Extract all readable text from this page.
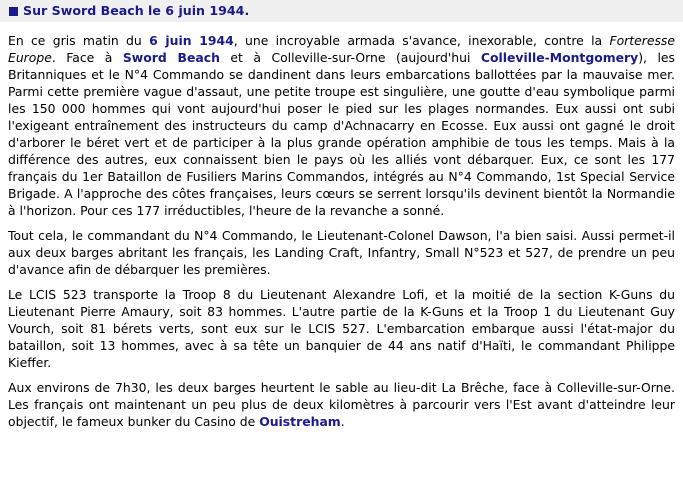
Sur Sword Beach le 6 juin 1944.

En ce gris matin du 6 juin 1944, une incroyable armada s'avance, inexorable, contre la Forteresse Europe. Face à Sword Beach et à Colleville-sur-Orne (aujourd'hui Colleville-Montgomery), les Britanniques et le N°4 Commando se dandinent dans leurs embarcations ballottées par la mauvaise mer. Parmi cette première vague d'assaut, une petite troupe est singulière, une goutte d'eau symbolique parmi les 150 000 hommes qui vont aujourd'hui poser le pied sur les plages normandes. Eux aussi ont subi l'exigeant entraînement des instructeurs du camp d'Achnacarry en Ecosse. Eux aussi ont gagné le droit d'arborer le béret vert et de participer à la plus grande opération amphibie de tous les temps. Mais à la différence des autres, eux connaissent bien le pays où les alliés vont débarquer. Eux, ce sont les 177 français du 1er Bataillon de Fusiliers Marins Commandos, intégrés au N°4 Commando, 1st Special Service Brigade. A l'approche des côtes françaises, leurs cœurs se serrent lorsqu'ils devinent bientôt la Normandie à l'horizon. Pour ces 177 irréductibles, l'heure de la revanche a sonné.

Tout cela, le commandant du N°4 Commando, le Lieutenant-Colonel Dawson, l'a bien saisi. Aussi permet-il aux deux barges abritant les français, les Landing Craft, Infantry, Small N°523 et 527, de prendre un peu d'avance afin de débarquer les premières.

Le LCIS 523 transporte la Troop 8 du Lieutenant Alexandre Lofi, et la moitié de la section K-Guns du Lieutenant Pierre Amaury, soit 83 hommes. L'autre partie de la K-Guns et la Troop 1 du Lieutenant Guy Vourch, soit 81 bérets verts, sont eux sur le LCIS 527. L'embarcation embarque aussi l'état-major du bataillon, soit 13 hommes, avec à sa tête un banquier de 44 ans natif d'Haïti, le commandant Philippe Kieffer.

Aux environs de 7h30, les deux barges heurtent le sable au lieu-dit La Brêche, face à Colleville-sur-Orne. Les français ont maintenant un peu plus de deux kilomètres à parcourir vers l'Est avant d'atteindre leur objectif, le fameux bunker du Casino de Ouistreham.
